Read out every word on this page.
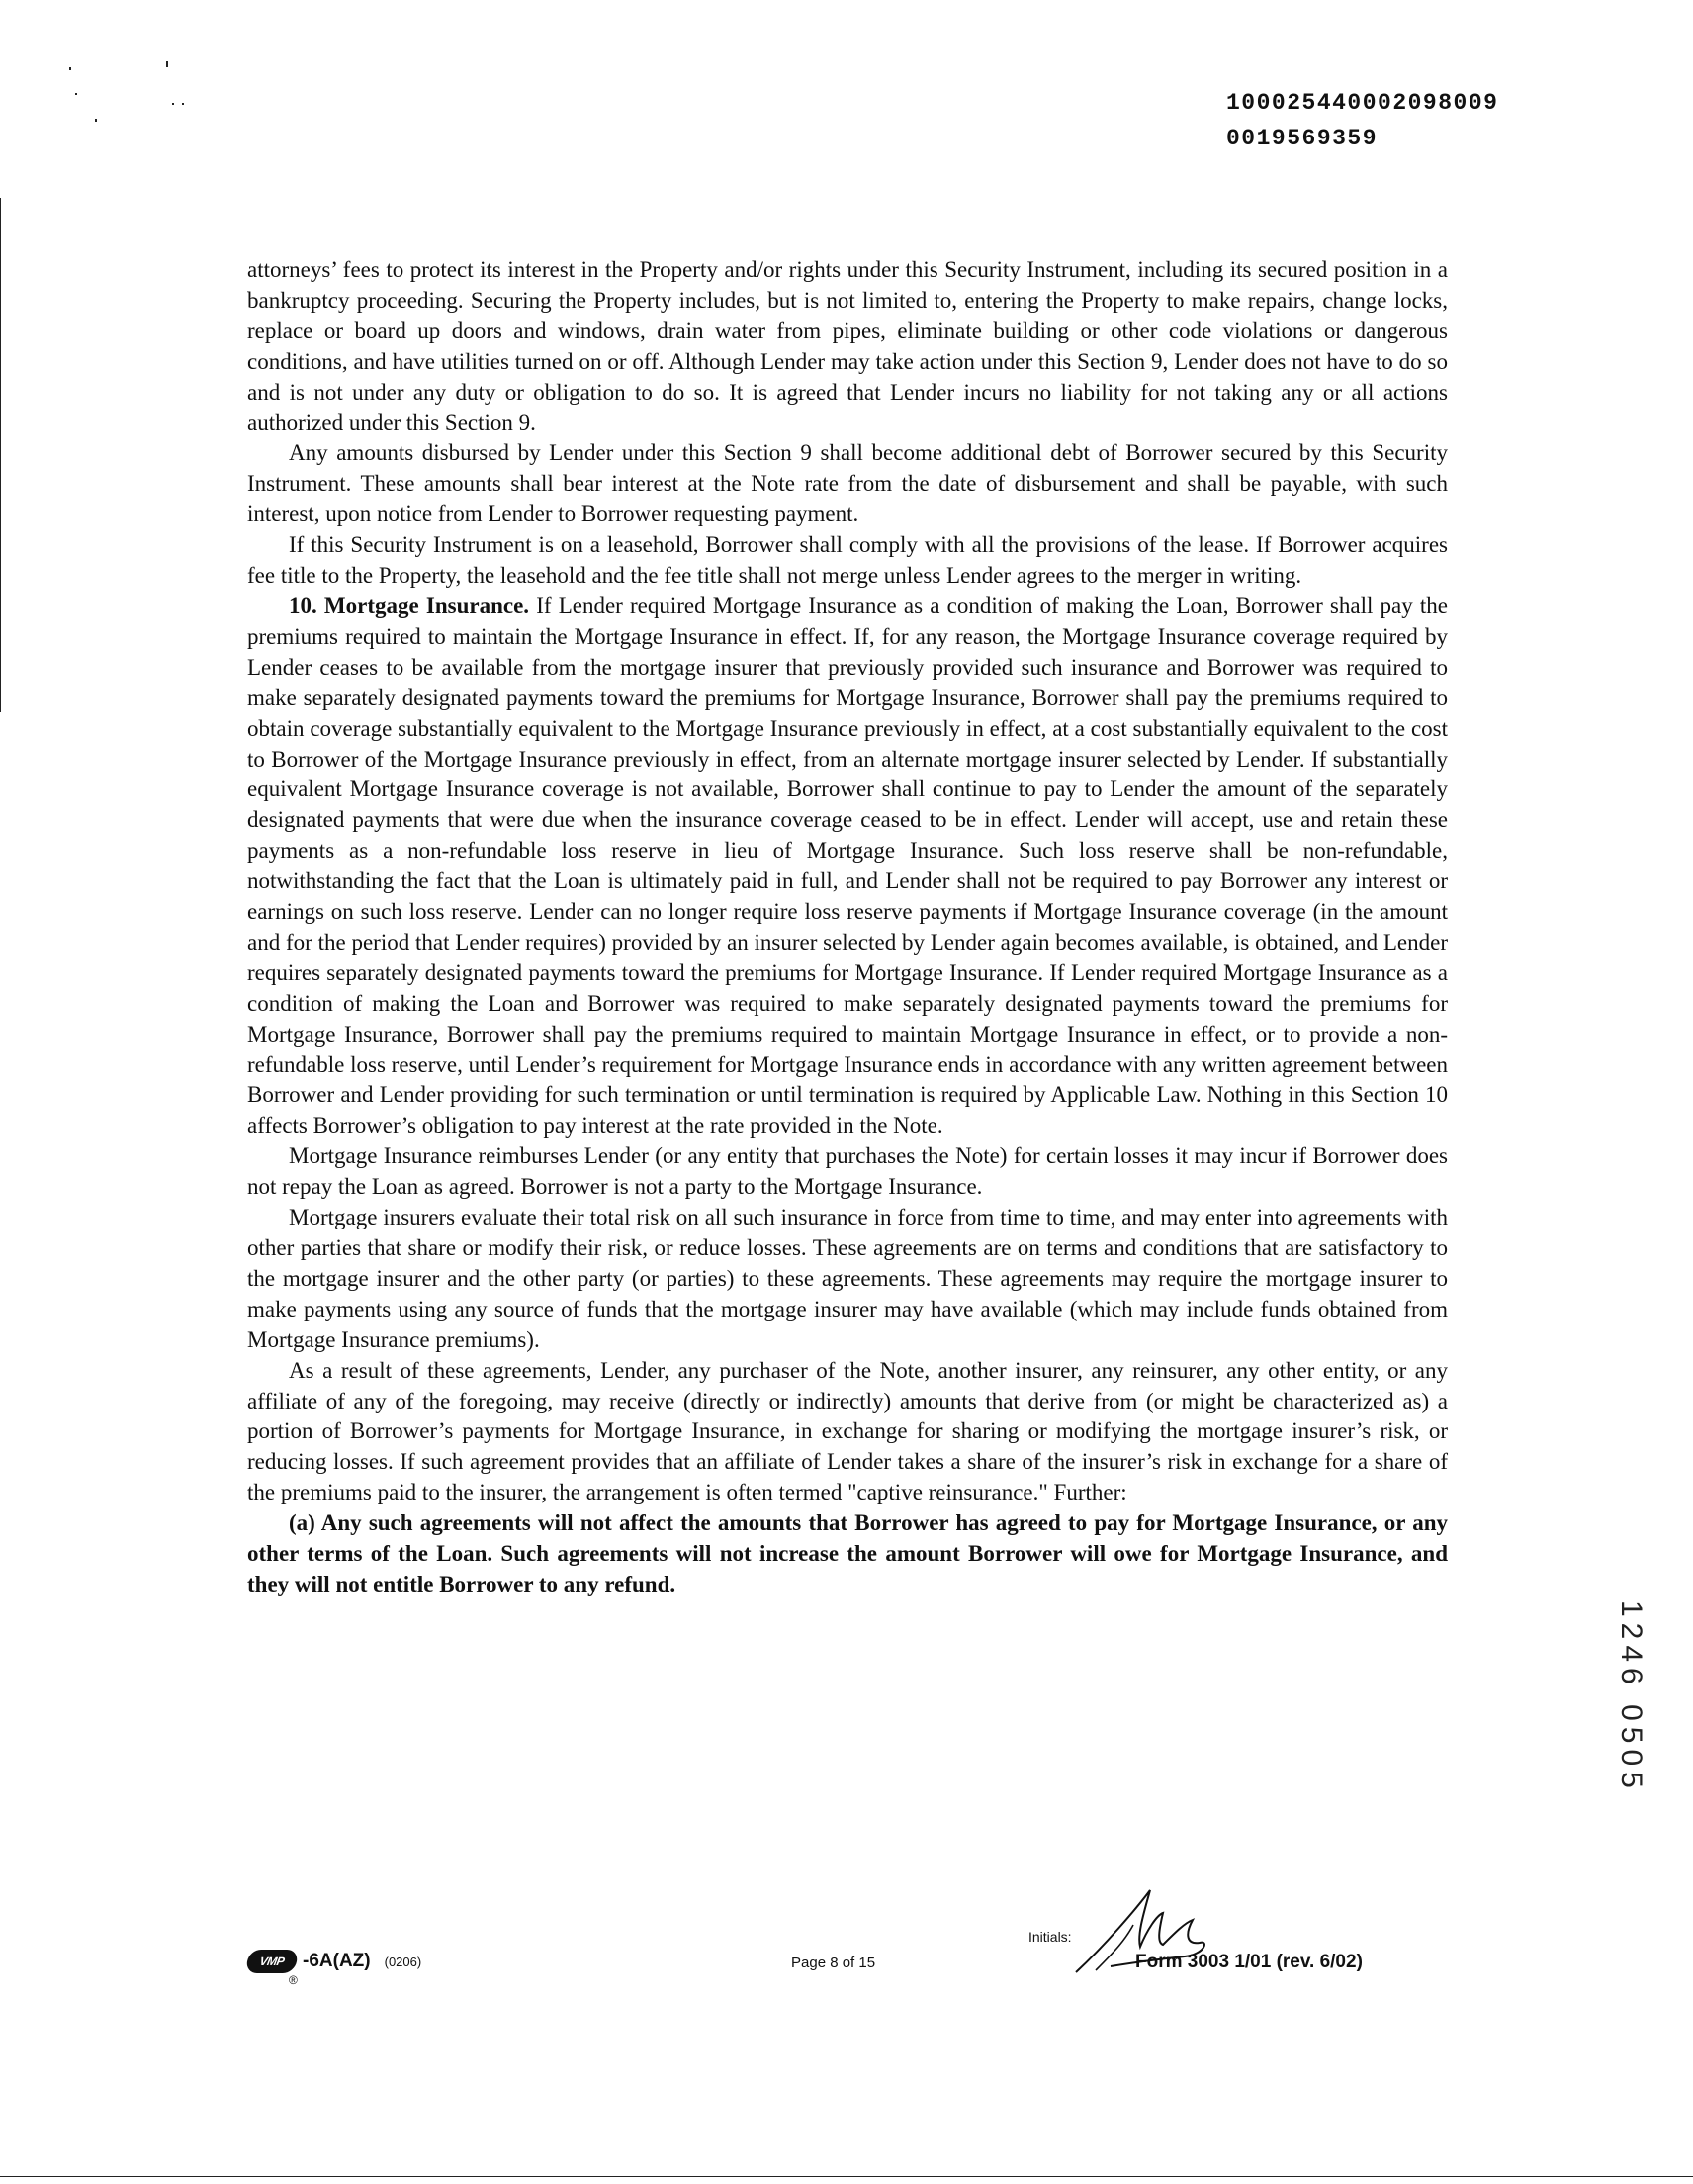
100025440002098009
0019569359

attorneys’ fees to protect its interest in the Property and/or rights under this Security Instrument, including its secured position in a bankruptcy proceeding. Securing the Property includes, but is not limited to, entering the Property to make repairs, change locks, replace or board up doors and windows, drain water from pipes, eliminate building or other code violations or dangerous conditions, and have utilities turned on or off. Although Lender may take action under this Section 9, Lender does not have to do so and is not under any duty or obligation to do so. It is agreed that Lender incurs no liability for not taking any or all actions authorized under this Section 9.

Any amounts disbursed by Lender under this Section 9 shall become additional debt of Borrower secured by this Security Instrument. These amounts shall bear interest at the Note rate from the date of disbursement and shall be payable, with such interest, upon notice from Lender to Borrower requesting payment.

If this Security Instrument is on a leasehold, Borrower shall comply with all the provisions of the lease. If Borrower acquires fee title to the Property, the leasehold and the fee title shall not merge unless Lender agrees to the merger in writing.

10. Mortgage Insurance. If Lender required Mortgage Insurance as a condition of making the Loan, Borrower shall pay the premiums required to maintain the Mortgage Insurance in effect. If, for any reason, the Mortgage Insurance coverage required by Lender ceases to be available from the mortgage insurer that previously provided such insurance and Borrower was required to make separately designated payments toward the premiums for Mortgage Insurance, Borrower shall pay the premiums required to obtain coverage substantially equivalent to the Mortgage Insurance previously in effect, at a cost substantially equivalent to the cost to Borrower of the Mortgage Insurance previously in effect, from an alternate mortgage insurer selected by Lender. If substantially equivalent Mortgage Insurance coverage is not available, Borrower shall continue to pay to Lender the amount of the separately designated payments that were due when the insurance coverage ceased to be in effect. Lender will accept, use and retain these payments as a non-refundable loss reserve in lieu of Mortgage Insurance. Such loss reserve shall be non-refundable, notwithstanding the fact that the Loan is ultimately paid in full, and Lender shall not be required to pay Borrower any interest or earnings on such loss reserve. Lender can no longer require loss reserve payments if Mortgage Insurance coverage (in the amount and for the period that Lender requires) provided by an insurer selected by Lender again becomes available, is obtained, and Lender requires separately designated payments toward the premiums for Mortgage Insurance. If Lender required Mortgage Insurance as a condition of making the Loan and Borrower was required to make separately designated payments toward the premiums for Mortgage Insurance, Borrower shall pay the premiums required to maintain Mortgage Insurance in effect, or to provide a non-refundable loss reserve, until Lender’s requirement for Mortgage Insurance ends in accordance with any written agreement between Borrower and Lender providing for such termination or until termination is required by Applicable Law. Nothing in this Section 10 affects Borrower’s obligation to pay interest at the rate provided in the Note.

Mortgage Insurance reimburses Lender (or any entity that purchases the Note) for certain losses it may incur if Borrower does not repay the Loan as agreed. Borrower is not a party to the Mortgage Insurance.

Mortgage insurers evaluate their total risk on all such insurance in force from time to time, and may enter into agreements with other parties that share or modify their risk, or reduce losses. These agreements are on terms and conditions that are satisfactory to the mortgage insurer and the other party (or parties) to these agreements. These agreements may require the mortgage insurer to make payments using any source of funds that the mortgage insurer may have available (which may include funds obtained from Mortgage Insurance premiums).

As a result of these agreements, Lender, any purchaser of the Note, another insurer, any reinsurer, any other entity, or any affiliate of any of the foregoing, may receive (directly or indirectly) amounts that derive from (or might be characterized as) a portion of Borrower’s payments for Mortgage Insurance, in exchange for sharing or modifying the mortgage insurer’s risk, or reducing losses. If such agreement provides that an affiliate of Lender takes a share of the insurer’s risk in exchange for a share of the premiums paid to the insurer, the arrangement is often termed "captive reinsurance." Further:

(a) Any such agreements will not affect the amounts that Borrower has agreed to pay for Mortgage Insurance, or any other terms of the Loan. Such agreements will not increase the amount Borrower will owe for Mortgage Insurance, and they will not entitle Borrower to any refund.

1246 0505
VMP -6A(AZ) (0206)
®
Page 8 of 15
Initials:
Form 3003 1/01 (rev. 6/02)
